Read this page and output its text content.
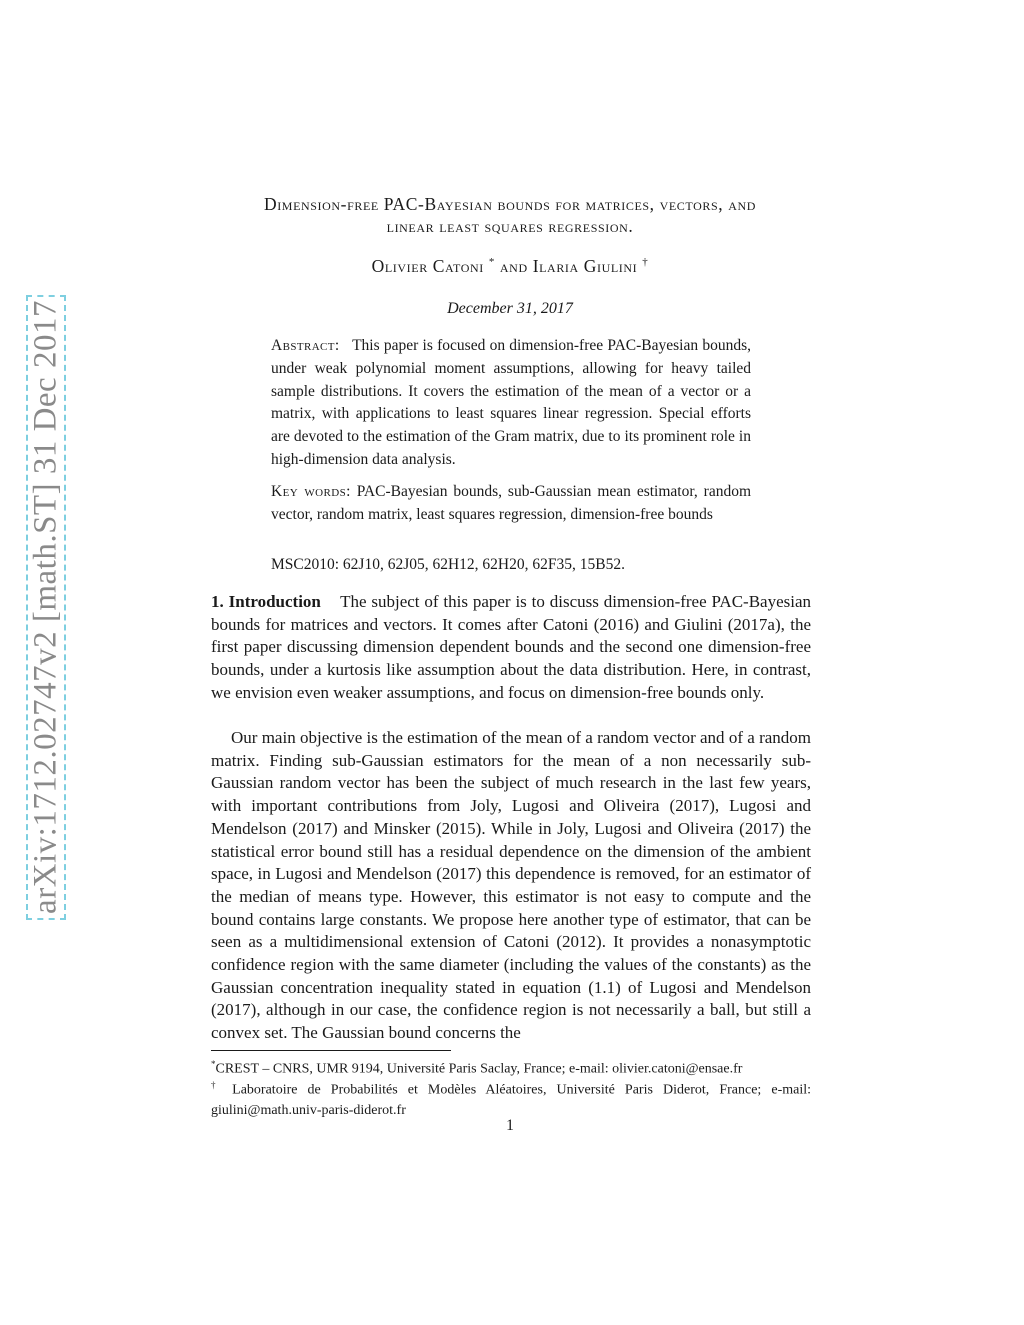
arXiv:1712.02747v2 [math.ST] 31 Dec 2017
Dimension-free PAC-Bayesian bounds for matrices, vectors, and
linear least squares regression.
Olivier Catoni * and Ilaria Giulini †
December 31, 2017
Abstract: This paper is focused on dimension-free PAC-Bayesian bounds, under weak polynomial moment assumptions, allowing for heavy tailed sample distributions. It covers the estimation of the mean of a vector or a matrix, with applications to least squares linear regression. Special efforts are devoted to the estimation of the Gram matrix, due to its prominent role in high-dimension data analysis.
Key words: PAC-Bayesian bounds, sub-Gaussian mean estimator, random vector, random matrix, least squares regression, dimension-free bounds
MSC2010: 62J10, 62J05, 62H12, 62H20, 62F35, 15B52.
1. Introduction The subject of this paper is to discuss dimension-free PAC-Bayesian bounds for matrices and vectors. It comes after Catoni (2016) and Giulini (2017a), the first paper discussing dimension dependent bounds and the second one dimension-free bounds, under a kurtosis like assumption about the data distribution. Here, in contrast, we envision even weaker assumptions, and focus on dimension-free bounds only.
Our main objective is the estimation of the mean of a random vector and of a random matrix. Finding sub-Gaussian estimators for the mean of a non necessarily sub-Gaussian random vector has been the subject of much research in the last few years, with important contributions from Joly, Lugosi and Oliveira (2017), Lugosi and Mendelson (2017) and Minsker (2015). While in Joly, Lugosi and Oliveira (2017) the statistical error bound still has a residual dependence on the dimension of the ambient space, in Lugosi and Mendelson (2017) this dependence is removed, for an estimator of the median of means type. However, this estimator is not easy to compute and the bound contains large constants. We propose here another type of estimator, that can be seen as a multidimensional extension of Catoni (2012). It provides a nonasymptotic confidence region with the same diameter (including the values of the constants) as the Gaussian concentration inequality stated in equation (1.1) of Lugosi and Mendelson (2017), although in our case, the confidence region is not necessarily a ball, but still a convex set. The Gaussian bound concerns the
*CREST – CNRS, UMR 9194, Université Paris Saclay, France; e-mail: olivier.catoni@ensae.fr
† Laboratoire de Probabilités et Modèles Aléatoires, Université Paris Diderot, France; e-mail: giulini@math.univ-paris-diderot.fr
1
